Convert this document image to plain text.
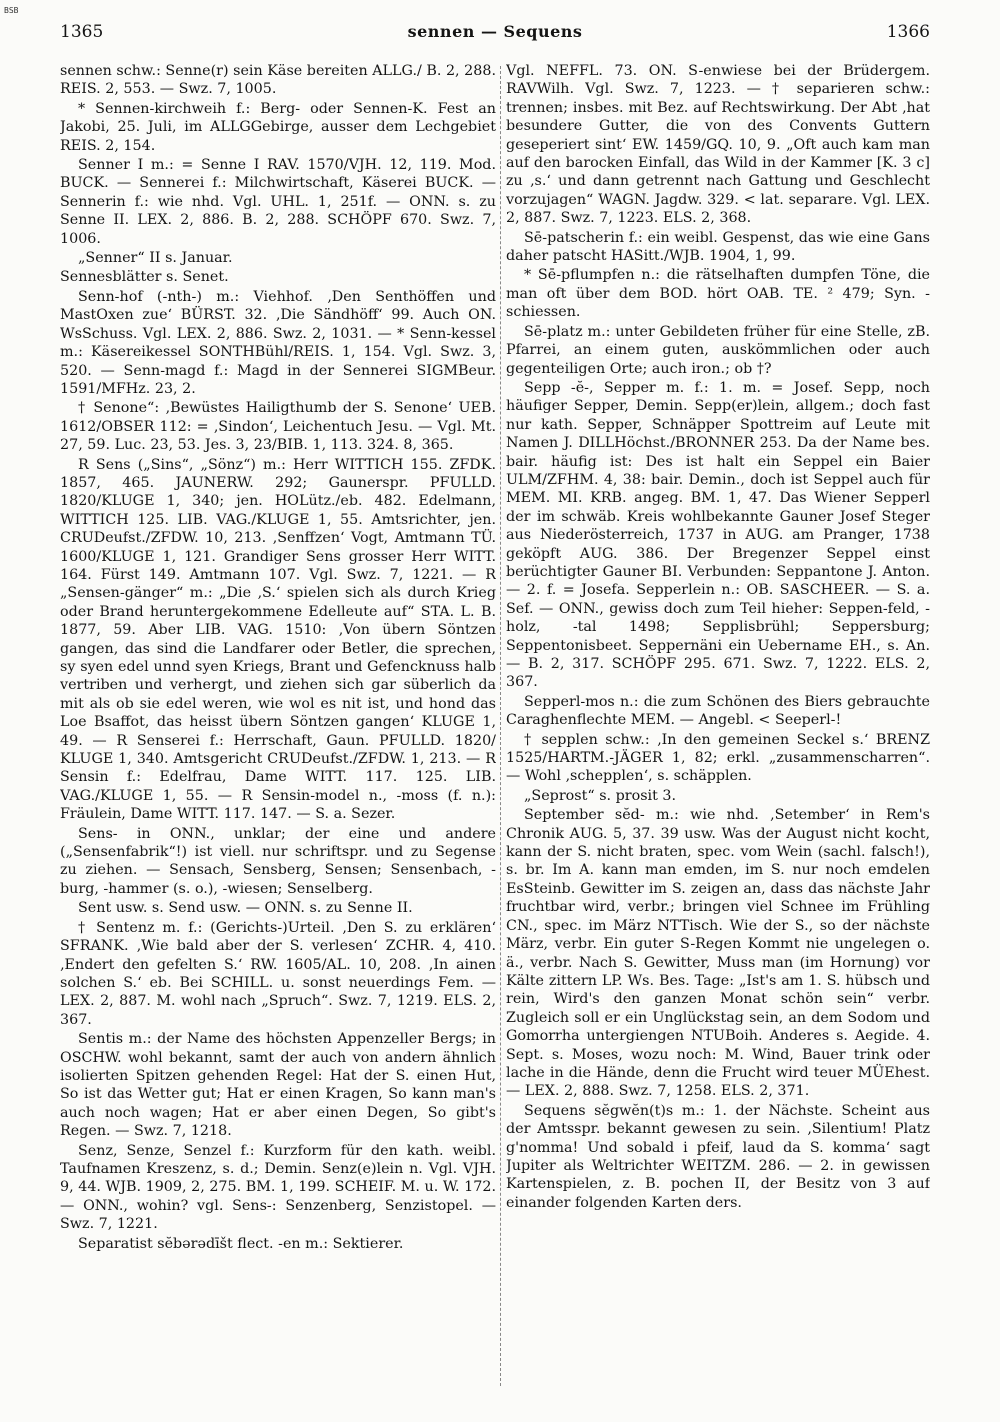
BSB
1365	sennen — Sequens	1366

sennen schw.: Senne(r) sein Käse bereiten ALLG./ B. 2, 288. REIS. 2, 553. — Swz. 7, 1005.

* Sennen-kirchweih f.: Berg- oder Sennen-K. Fest an Jakobi, 25. Juli, im ALLGGebirge, ausser dem Lechgebiet REIS. 2, 154.

Senner I m.: = Senne I RAV. 1570/VJH. 12, 119. Mod. BUCK. — Sennerei f.: Milchwirtschaft, Käserei BUCK. — Sennerin f.: wie nhd. Vgl. UHL. 1, 251f. — ONN. s. zu Senne II. LEX. 2, 886. B. 2, 288. SCHÖPF 670. Swz. 7, 1006.

„Senner“ II s. Januar.

Sennesblätter s. Senet.

Senn-hof (-nth-) m.: Viehhof. ‚Den Senthöffen und MastOxen zue‘ BÜRST. 32. ‚Die Sändhöff‘ 99. Auch ON. WsSchuss. Vgl. LEX. 2, 886. Swz. 2, 1031. — * Senn-kessel m.: Käsereikessel SONTHBühl/REIS. 1, 154. Vgl. Swz. 3, 520. — Senn-magd f.: Magd in der Sennerei SIGMBeur. 1591/MFHz. 23, 2.

† Senone“: ‚Bewüstes Hailigthumb der S. Senone‘ UEB. 1612/OBSER 112: = ‚Sindon‘, Leichentuch Jesu. — Vgl. Mt. 27, 59. Luc. 23, 53. Jes. 3, 23/BIB. 1, 113. 324. 8, 365.

R Sens („Sins“, „Sönz“) m.: Herr WITTICH 155. ZFDK. 1857, 465. JAUNERW. 292; Gaunerspr. PFULLD. 1820/KLUGE 1, 340; jen. HOLütz./eb. 482. Edelmann, WITTICH 125. LIB. VAG./KLUGE 1, 55. Amtsrichter, jen. CRUDeufst./ZFDW. 10, 213. ‚Senffzen‘ Vogt, Amtmann TÜ. 1600/KLUGE 1, 121. Grandiger Sens grosser Herr WITT. 164. Fürst 149. Amtmann 107. Vgl. Swz. 7, 1221. — R „Sensen-gänger“ m.: „Die ‚S.‘ spielen sich als durch Krieg oder Brand heruntergekommene Edelleute auf“ STA. L. B. 1877, 59. Aber LIB. VAG. 1510: ‚Von übern Söntzen gangen, das sind die Landfarer oder Betler, die sprechen, sy syen edel unnd syen Kriegs, Brant und Gefencknuss halb vertriben und verhergt, und ziehen sich gar süberlich da mit als ob sie edel weren, wie wol es nit ist, und hond das Loe Bsaffot, das heisst übern Söntzen gangen‘ KLUGE 1, 49. — R Senserei f.: Herrschaft, Gaun. PFULLD. 1820/ KLUGE 1, 340. Amtsgericht CRUDeufst./ZFDW. 1, 213. — R Sensin f.: Edelfrau, Dame WITT. 117. 125. LIB. VAG./KLUGE 1, 55. — R Sensin-model n., -moss (f. n.): Fräulein, Dame WITT. 117. 147. — S. a. Sezer.

Sens- in ONN., unklar; der eine und andere („Sensenfabrik“!) ist viell. nur schriftspr. und zu Segense zu ziehen. — Sensach, Sensberg, Sensen; Sensenbach, -burg, -hammer (s. o.), -wiesen; Senselberg.

Sent usw. s. Send usw. — ONN. s. zu Senne II.

† Sentenz m. f.: (Gerichts-)Urteil. ‚Den S. zu erklären‘ SFRANK. ‚Wie bald aber der S. verlesen‘ ZCHR. 4, 410. ‚Endert den gefelten S.‘ RW. 1605/AL. 10, 208. ‚In ainen solchen S.‘ eb. Bei SCHILL. u. sonst neuerdings Fem. — LEX. 2, 887. M. wohl nach „Spruch“. Swz. 7, 1219. ELS. 2, 367.

Sentis m.: der Name des höchsten Appenzeller Bergs; in OSCHW. wohl bekannt, samt der auch von andern ähnlich isolierten Spitzen gehenden Regel: Hat der S. einen Hut, So ist das Wetter gut; Hat er einen Kragen, So kann man's auch noch wagen; Hat er aber einen Degen, So gibt's Regen. — Swz. 7, 1218.

Senz, Senze, Senzel f.: Kurzform für den kath. weibl. Taufnamen Kreszenz, s. d.; Demin. Senz(e)lein n. Vgl. VJH. 9, 44. WJB. 1909, 2, 275. BM. 1, 199. SCHEIF. M. u. W. 172. — ONN., wohin? vgl. Sens-: Senzenberg, Senzistopel. — Swz. 7, 1221.

Separatist sĕbərədīšt flect. -en m.: Sektierer.

Vgl. NEFFL. 73. ON. S-enwiese bei der Brüdergem. RAVWilh. Vgl. Swz. 7, 1223. — † separieren schw.: trennen; insbes. mit Bez. auf Rechtswirkung. Der Abt ‚hat besundere Gutter, die von des Convents Guttern geseperiert sint‘ EW. 1459/GQ. 10, 9. „Oft auch kam man auf den barocken Einfall, das Wild in der Kammer [K. 3 c] zu ‚s.‘ und dann getrennt nach Gattung und Geschlecht vorzujagen“ WAGN. Jagdw. 329. < lat. separare. Vgl. LEX. 2, 887. Swz. 7, 1223. ELS. 2, 368.

Sē-patscherin f.: ein weibl. Gespenst, das wie eine Gans daher patscht HASitt./WJB. 1904, 1, 99.

* Sē-pflumpfen n.: die rätselhaften dumpfen Töne, die man oft über dem BOD. hört OAB. TE. ² 479; Syn. -schiessen.

Sē-platz m.: unter Gebildeten früher für eine Stelle, zB. Pfarrei, an einem guten, auskömmlichen oder auch gegenteiligen Orte; auch iron.; ob †?

Sepp -ĕ-, Sepper m. f.: 1. m. = Josef. Sepp, noch häufiger Sepper, Demin. Sepp(er)lein, allgem.; doch fast nur kath. Sepper, Schnäpper Spottreim auf Leute mit Namen J. DILLHöchst./BRONNER 253. Da der Name bes. bair. häufig ist: Des ist halt ein Seppel ein Baier ULM/ZFHM. 4, 38: bair. Demin., doch ist Seppel auch für MEM. MI. KRB. angeg. BM. 1, 47. Das Wiener Sepperl der im schwäb. Kreis wohlbekannte Gauner Josef Steger aus Niederösterreich, 1737 in AUG. am Pranger, 1738 geköpft AUG. 386. Der Bregenzer Seppel einst berüchtigter Gauner BI. Verbunden: Seppantone J. Anton. — 2. f. = Josefa. Sepperlein n.: OB. SASCHEER. — S. a. Sef. — ONN., gewiss doch zum Teil hieher: Seppen-feld, -holz, -tal 1498; Sepplisbrühl; Seppersburg; Seppentonisbeet. Seppernäni ein Uebername EH., s. An. — B. 2, 317. SCHÖPF 295. 671. Swz. 7, 1222. ELS. 2, 367.

Sepperl-mos n.: die zum Schönen des Biers gebrauchte Caraghenflechte MEM. — Angebl. < Seeperl-!

† sepplen schw.: ‚In den gemeinen Seckel s.‘ BRENZ 1525/HARTM.-JÄGER 1, 82; erkl. „zusammenscharren“. — Wohl ‚schepplen‘, s. schäpplen.

„Seprost“ s. prosit 3.

September sĕd- m.: wie nhd. ‚Setember‘ in Rem's Chronik AUG. 5, 37. 39 usw. Was der August nicht kocht, kann der S. nicht braten, spec. vom Wein (sachl. falsch!), s. br. Im A. kann man emden, im S. nur noch emdelen EsSteinb. Gewitter im S. zeigen an, dass das nächste Jahr fruchtbar wird, verbr.; bringen viel Schnee im Frühling CN., spec. im März NTTisch. Wie der S., so der nächste März, verbr. Ein guter S-Regen Kommt nie ungelegen o. ä., verbr. Nach S. Gewitter, Muss man (im Hornung) vor Kälte zittern LP. Ws. Bes. Tage: „Ist's am 1. S. hübsch und rein, Wird's den ganzen Monat schön sein“ verbr. Zugleich soll er ein Unglückstag sein, an dem Sodom und Gomorrha untergiengen NTUBoih. Anderes s. Aegide. 4. Sept. s. Moses, wozu noch: M. Wind, Bauer trink oder lache in die Hände, denn die Frucht wird teuer MÜEhest. — LEX. 2, 888. Swz. 7, 1258. ELS. 2, 371.

Sequens sĕgwĕn(t)s m.: 1. der Nächste. Scheint aus der Amtsspr. bekannt gewesen zu sein. ‚Silentium! Platz g'nomma! Und sobald i pfeif, laud da S. komma‘ sagt Jupiter als Weltrichter WEITZM. 286. — 2. in gewissen Kartenspielen, z. B. pochen II, der Besitz von 3 auf einander folgenden Karten ders.
